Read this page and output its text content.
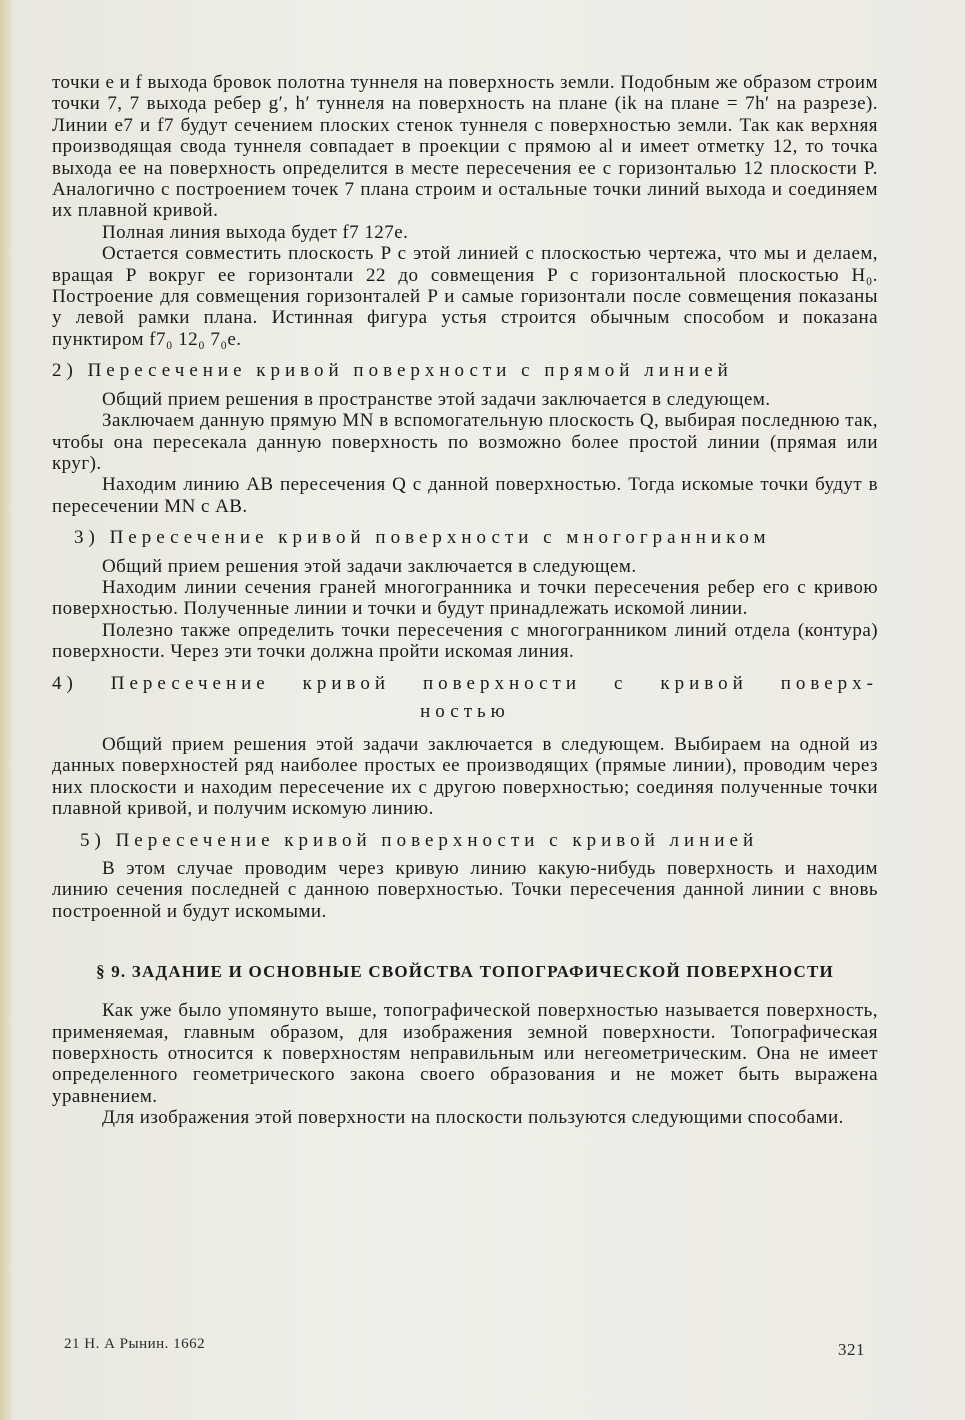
точки e и f выхода бровок полотна туннеля на поверхность земли. Подобным же образом строим точки 7, 7 выхода ребер g′, h′ туннеля на поверхность на плане (ik на плане = 7h′ на разрезе). Линии e7 и f7 будут сечением плоских стенок туннеля с поверхностью земли. Так как верхняя производящая свода туннеля совпадает в проекции с прямою al и имеет отметку 12, то точка выхода ее на поверхность определится в месте пересечения ее с горизонталью 12 плоскости P. Аналогично с построением точек 7 плана строим и остальные точки линий выхода и соединяем их плавной кривой.

Полная линия выхода будет f7 127e.

Остается совместить плоскость P с этой линией с плоскостью чертежа, что мы и делаем, вращая P вокруг ее горизонтали 22 до совмещения P с горизонтальной плоскостью H₀. Построение для совмещения горизонталей P и самые горизонтали после совмещения показаны у левой рамки плана. Истинная фигура устья строится обычным способом и показана пунктиром f7₀ 12₀ 7₀e.

2) Пересечение кривой поверхности с прямой линией

Общий прием решения в пространстве этой задачи заключается в следующем.

Заключаем данную прямую MN в вспомогательную плоскость Q, выбирая последнюю так, чтобы она пересекала данную поверхность по возможно более простой линии (прямая или круг).

Находим линию AB пересечения Q с данной поверхностью. Тогда искомые точки будут в пересечении MN с AB.

3) Пересечение кривой поверхности с многогранником

Общий прием решения этой задачи заключается в следующем.

Находим линии сечения граней многогранника и точки пересечения ребер его с кривою поверхностью. Полученные линии и точки и будут принадлежать искомой линии.

Полезно также определить точки пересечения с многогранником линий отдела (контура) поверхности. Через эти точки должна пройти искомая линия.

4) Пересечение кривой поверхности с кривой поверх-
ностью

Общий прием решения этой задачи заключается в следующем. Выбираем на одной из данных поверхностей ряд наиболее простых ее производящих (прямые линии), проводим через них плоскости и находим пересечение их с другою поверхностью; соединяя полученные точки плавной кривой, и получим искомую линию.

5) Пересечение кривой поверхности с кривой линией

В этом случае проводим через кривую линию какую-нибудь поверхность и находим линию сечения последней с данною поверхностью. Точки пересечения данной линии с вновь построенной и будут искомыми.

§ 9. ЗАДАНИЕ И ОСНОВНЫЕ СВОЙСТВА ТОПОГРАФИЧЕСКОЙ ПОВЕРХНОСТИ

Как уже было упомянуто выше, топографической поверхностью называется поверхность, применяемая, главным образом, для изображения земной поверхности. Топографическая поверхность относится к поверхностям неправильным или негеометрическим. Она не имеет определенного геометрического закона своего образования и не может быть выражена уравнением.

Для изображения этой поверхности на плоскости пользуются следующими способами.

21 Н. А Рынин. 1662	321
